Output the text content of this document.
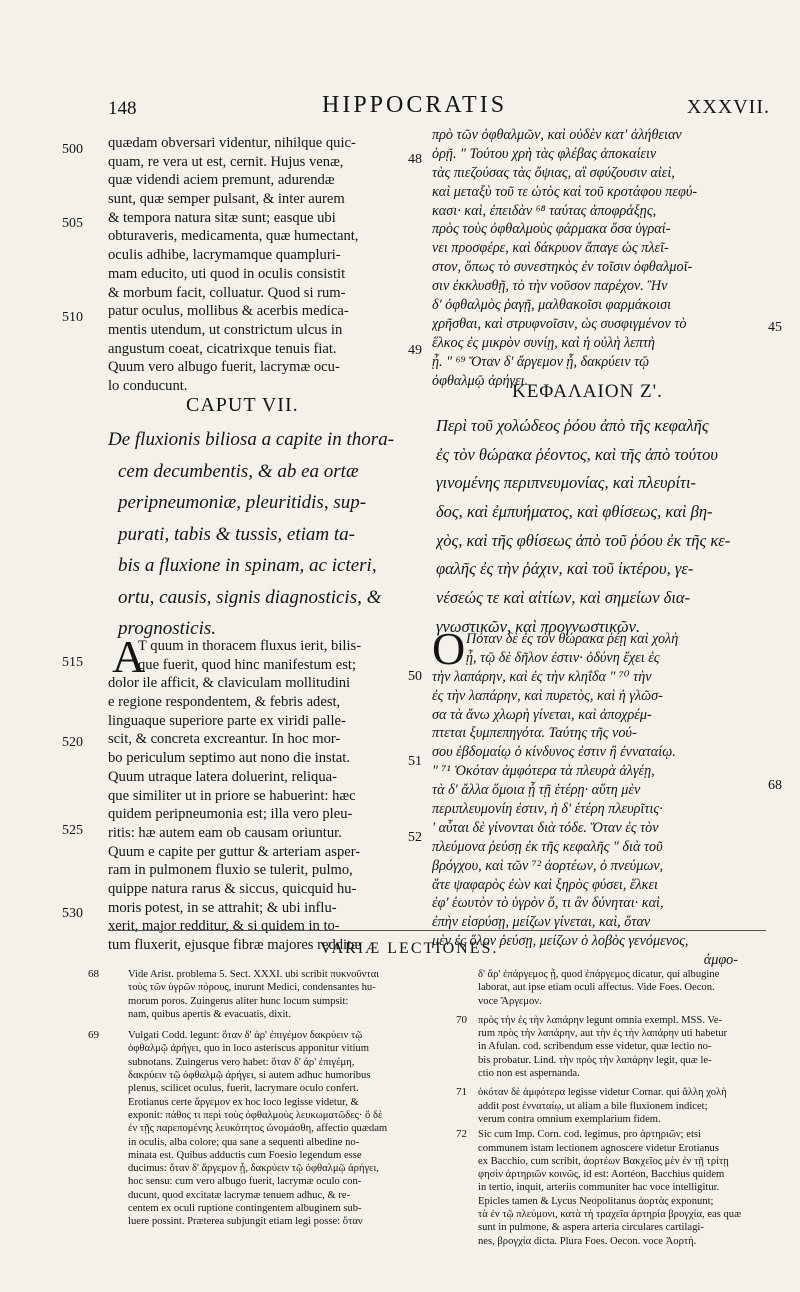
148	HIPPOCRATIS	XXXVII.
quædam obversari videntur, nihilque quic-
quam, re vera ut est, cernit. Hujus venæ,
quæ videndi aciem premunt, adurendæ
sunt, quæ semper pulsant, & inter aurem
& tempora natura sitæ sunt; easque ubi
obturaveris, medicamenta, quæ humectant,
oculis adhibe, lacrymamque quampluri-
mam educito, uti quod in oculis consistit
& morbum facit, colluatur. Quod si rum-
patur oculus, mollibus & acerbis medica-
mentis utendum, ut constrictum ulcus in
angustum coeat, cicatrixque tenuis fiat.
Quum vero albugo fuerit, lacrymæ ocu-
lo conducunt.
CAPUT VII.
De fluxionis biliosa a capite in thora-
cem decumbentis, & ab ea ortæ
peripneumoniæ, pleuritidis, sup-
purati, tabis & tussis, etiam ta-
bis a fluxione in spinam, ac icteri,
ortu, causis, signis diagnosticis, &
prognosticis.
A
T quum in thoracem fluxus ierit, bilis-
que fuerit, quod hinc manifestum est;
dolor ile afficit, & claviculam mollitudini
e regione respondentem, & febris adest,
linguaque superiore parte ex viridi palle-
scit, & concreta excreantur. In hoc mor-
bo periculum septimo aut nono die instat.
Quum utraque latera doluerint, reliqua-
que similiter ut in priore se habuerint: hæc
quidem peripneumonia est; illa vero pleu-
ritis: hæ autem eam ob causam oriuntur.
Quum e capite per guttur & arteriam asper-
ram in pulmonem fluxio se tulerit, pulmo,
quippe natura rarus & siccus, quicquid hu-
moris potest, in se attrahit; & ubi influ-
xerit, major redditur, & si quidem in to-
tum fluxerit, ejusque fibræ majores redditæ
πρὸ τῶν ὀφθαλμῶν, καὶ οὐδὲν κατ' ἀλήθειαν
ὁρῇ. " Τούτου χρὴ τὰς φλέβας ἀποκαίειν
τὰς πιεζούσας τὰς ὄψιας, αἳ σφύζουσιν αἰεὶ,
καὶ μεταξὺ τοῦ τε ὠτὸς καὶ τοῦ κροτάφου πεφύ-
κασι· καὶ, ἐπειδὰν ⁶⁸ ταύτας ἀποφράξῃς,
πρὸς τοὺς ὀφθαλμοὺς φάρμακα ὅσα ὑγραί-
νει προσφέρε, καὶ δάκρυον ἄπαγε ὡς πλεῖ-
στον, ὅπως τὸ συνεστηκὸς ἐν τοῖσιν ὀφθαλμοῖ-
σιν ἐκκλυσθῇ, τὸ τὴν νοῦσον παρέχον. Ἢν
δ' ὀφθαλμὸς ῥαγῇ, μαλθακοῖσι φαρμάκοισι
χρῆσθαι, καὶ στρυφνοῖσιν, ὡς συσφιγμένον τὸ
ἕλκος ἐς μικρὸν συνίῃ, καὶ ἡ οὐλὴ λεπτὴ
ᾖ. " ⁶⁹ Ὅταν δ' ἄργεμον ᾖ, δακρύειν τῷ
ὀφθαλμῷ ἀρήγει.
ΚΕΦΑΛΑΙΟΝ Ζ'.
Περὶ τοῦ χολώδεος ῥόου ἀπὸ τῆς κεφαλῆς
ἐς τὸν θώρακα ῥέοντος, καὶ τῆς ἀπὸ τούτου
γινομένης περιπνευμονίας, καὶ πλευρίτι-
δος, καὶ ἐμπυήματος, καὶ φθίσεως, καὶ βη-
χὸς, καὶ τῆς φθίσεως ἀπὸ τοῦ ῥόου ἐκ τῆς κε-
φαλῆς ἐς τὴν ῥάχιν, καὶ τοῦ ἰκτέρου, γε-
νέσεώς τε καὶ αἰτίων, καὶ σημείων δια-
γνωστικῶν, καὶ προγνωστικῶν.
Ο Πόταν δὲ ἐς τὸν θώρακα ῥέῃ καὶ χολὴ
ᾖ, τῷ δὲ δῆλον ἐστιν· ὀδύνη ἔχει ἐς
τὴν λαπάρην, καὶ ἐς τὴν κληΐδα " ⁷⁰ τὴν
ἐς τὴν λαπάρην, καὶ πυρετὸς, καὶ ἡ γλῶσ-
σα τὰ ἄνω χλωρὴ γίνεται, καὶ ἀποχρέμ-
πτεται ξυμπεπηγότα. Ταύτης τῆς νού-
σου ἑβδομαίῳ ὁ κίνδυνος ἐστιν ἢ ἐνναταίῳ.
" ⁷¹ Ὁκόταν ἀμφότερα τὰ πλευρὰ ἀλγέῃ,
τὰ δ' ἄλλα ὅμοια ᾖ τῇ ἑτέρῃ· αὕτη μὲν
περιπλευμονίη ἐστιν, ἡ δ' ἑτέρη πλευρῖτις·
' αὗται δὲ γίνονται διὰ τόδε. Ὅταν ἐς τὸν
πλεύμονα ῥεύσῃ ἐκ τῆς κεφαλῆς " διὰ τοῦ
βρόγχου, καὶ τῶν ⁷² ἀορτέων, ὁ πνεύμων,
ἅτε ψαφαρὸς ἐὼν καὶ ξηρὸς φύσει, ἕλκει
ἐφ' ἑωυτὸν τὸ ὑγρὸν ὅ, τι ἂν δύνηται· καὶ,
ἐπὴν εἰσρύσῃ, μείζων γίνεται, καὶ, ὅταν
μὲν ἐς ὅλον ῥεύσῃ, μείζων ὁ λοβὸς γενόμενος,
ἀμφο-
500
505
510
515
520
525
530
48
49
50
51
52
45
68
VARIÆ LECTIONES.
68	Vide Arist. problema 5. Sect. XXXI. ubi scribit πυκνοῦνται
τοὺς τῶν ὑγρῶν πόρους, inurunt Medici, condensantes hu-
morum poros. Zuingerus aliter hunc locum sumpsit:
nam, quibus apertis & evacuatis, dixit.
69	Vulgati Codd. legunt: ὅταν δ' ἀρ' ἐπιγέμον δακρύειν τῷ
ὀφθαλμῷ ἀρήγει, quo in loco asteriscus apponitur vitium
subnotans. Zuingerus vero habet: ὅταν δ' ἀρ' ἐπιγέμη,
δακρύειν τῷ ὀφθαλμῷ ἀρήγει, si autem adhuc humoribus
plenus, scilicet oculus, fuerit, lacrymare oculo confert.
Erotianus certe ἄργεμον ex hoc loco legisse videtur, &
exponit: πάθος τι περὶ τοὺς ὀφθαλμοὺς λευκωματῶδες· ὅ δὲ
ἐν τῇς παρεπομένης λευκότητος ὠνομάσθη, affectio quædam
in oculis, alba colore; qua sane a sequenti albedine no-
minata est. Quibus adductis cum Foesio legendum esse
ducimus: ὅταν δ' ἄργεμον ᾖ, δακρύειν τῷ ὀφθαλμῷ ἀρήγει,
hoc sensu: cum vero albugo fuerit, lacrymæ oculo con-
ducunt, quod excitatæ lacrymæ tenuem adhuc, & re-
centem ex oculi ruptione contingentem albuginem sub-
luere possint. Præterea subjungit etiam legi posse: ὅταν
δ' ἄρ' ἐπάργεμος ᾖ, quod ἐπάργεμος dicatur, qui albugine
laborat, aut ipse etiam oculi affectus. Vide Foes. Oecon.
voce Ἄργεμον.
70 πρὸς τὴν ἐς τὴν λαπάρην legunt omnia exempl. MSS. Ve-
rum πρὸς τὴν λαπάρην, aut τὴν ἐς τὴν λαπάρην uti habetur
in Afulan. cod. scribendum esse videtur, quæ lectio no-
bis probatur. Lind. τὴν πρὸς τὴν λαπάρην legit, quæ le-
ctio non est aspernanda.
71 ὁκόταν δὲ ἀμφότερα legisse videtur Cornar. qui ἄλλη χολὴ
addit post ἐνναταίῳ, ut aliam a bile fluxionem indicet;
verum contra omnium exemplarium fidem.
72 Sic cum Imp. Corn. cod. legimus, pro ἀρτηριῶν; etsi
communem istam lectionem agnoscere videtur Erotianus
ex Bacchio, cum scribit, ἀορτέων Βακχεῖος μὲν ἐν τῇ τρίτῃ
φησὶν ἀρτηριῶν κοινῶς, id est: Aortéon, Bacchius quidem
in tertio, inquit, arteriis communiter hac voce intelligitur.
Epicles tamen & Lycus Neopolitanus ἀορτὰς exponunt;
τὰ ἐν τῷ πλεύμονι, κατὰ τὴ τραχεῖα ἀρτηρία βρογχία, eas quæ
sunt in pulmone, & aspera arteria circulares cartilagi-
nes, βρογχία dicta. Plura Foes. Oecon. voce Ἀορτή.
